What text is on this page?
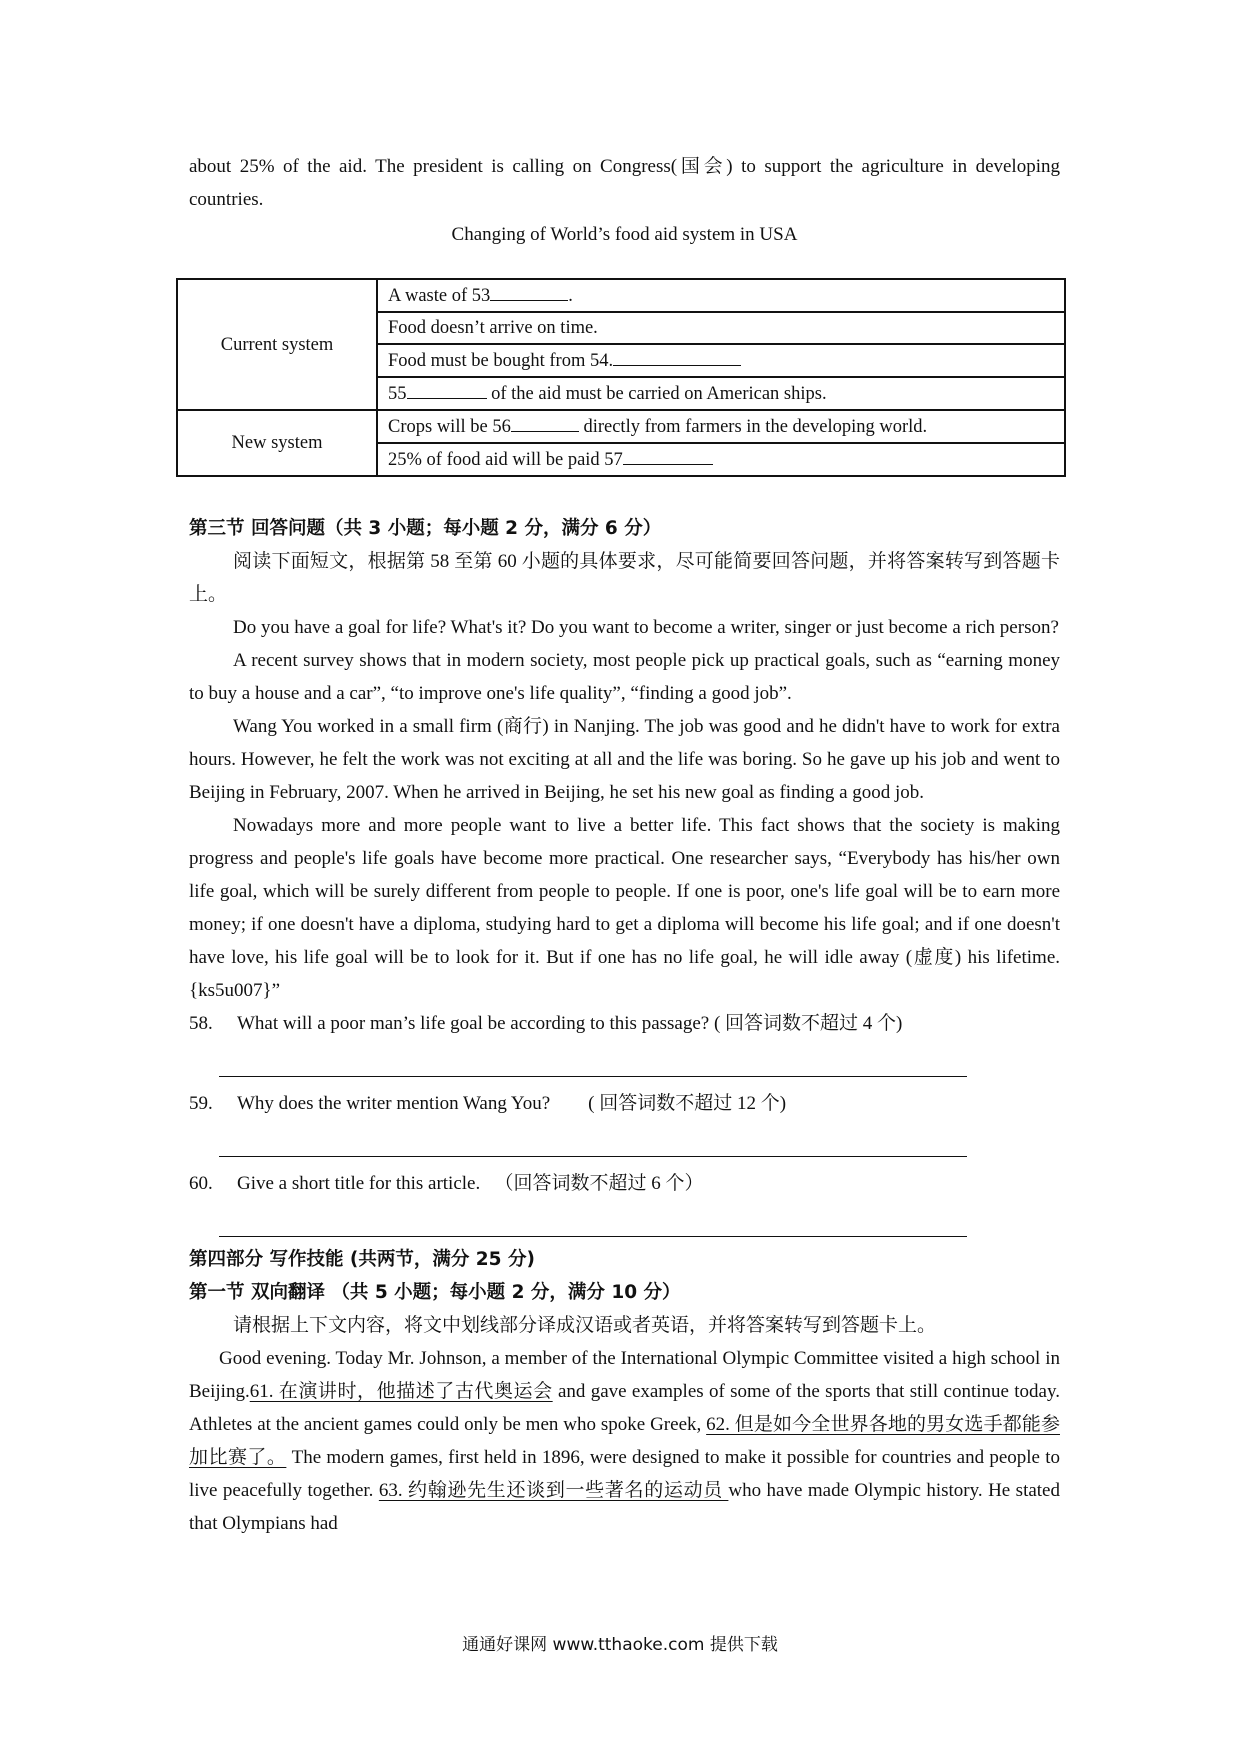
about 25% of the aid. The president is calling on Congress(国会) to support the agriculture in developing countries.

Changing of World’s food aid system in USA
Current system	A waste of 53 .
	Food doesn’t arrive on time.
	Food must be bought from 54.
	55 of the aid must be carried on American ships.
New system	Crops will be 56 directly from farmers in the developing world.
	25% of food aid will be paid 57
第三节 回答问题（共 3 小题；每小题 2 分，满分 6 分）

阅读下面短文，根据第 58 至第 60 小题的具体要求，尽可能简要回答问题，并将答案转写到答题卡上。

Do you have a goal for life? What's it? Do you want to become a writer, singer or just become a rich person?

A recent survey shows that in modern society, most people pick up practical goals, such as “earning money to buy a house and a car”, “to improve one's life quality”, “finding a good job”.

Wang You worked in a small firm (商行) in Nanjing. The job was good and he didn't have to work for extra hours. However, he felt the work was not exciting at all and the life was boring. So he gave up his job and went to Beijing in February, 2007. When he arrived in Beijing, he set his new goal as finding a good job.

Nowadays more and more people want to live a better life. This fact shows that the society is making progress and people's life goals have become more practical. One researcher says, “Everybody has his/her own life goal, which will be surely different from people to people. If one is poor, one's life goal will be to earn more money; if one doesn't have a diploma, studying hard to get a diploma will become his life goal; and if one doesn't have love, his life goal will be to look for it. But if one has no life goal, he will idle away (虚度) his lifetime. {ks5u007}”

58.	What will a poor man’s life goal be according to this passage? ( 回答词数不超过 4 个)
59.	Why does the writer mention Wang You?        ( 回答词数不超过 12 个)
60.	Give a short title for this article.   （回答词数不超过 6 个）
第四部分 写作技能 (共两节，满分 25 分)
第一节 双向翻译 （共 5 小题；每小题 2 分，满分 10 分）

请根据上下文内容，将文中划线部分译成汉语或者英语，并将答案转写到答题卡上。

Good evening. Today Mr. Johnson, a member of the International Olympic Committee visited a high school in Beijing.61. 在演讲时，他描述了古代奥运会 and gave examples of some of the sports that still continue today. Athletes at the ancient games could only be men who spoke Greek, 62. 但是如今全世界各地的男女选手都能参加比赛了。 The modern games, first held in 1896, were designed to make it possible for countries and people to live peacefully together. 63. 约翰逊先生还谈到一些著名的运动员 who have made Olympic history. He stated that Olympians had

通通好课网 www.tthaoke.com 提供下载
